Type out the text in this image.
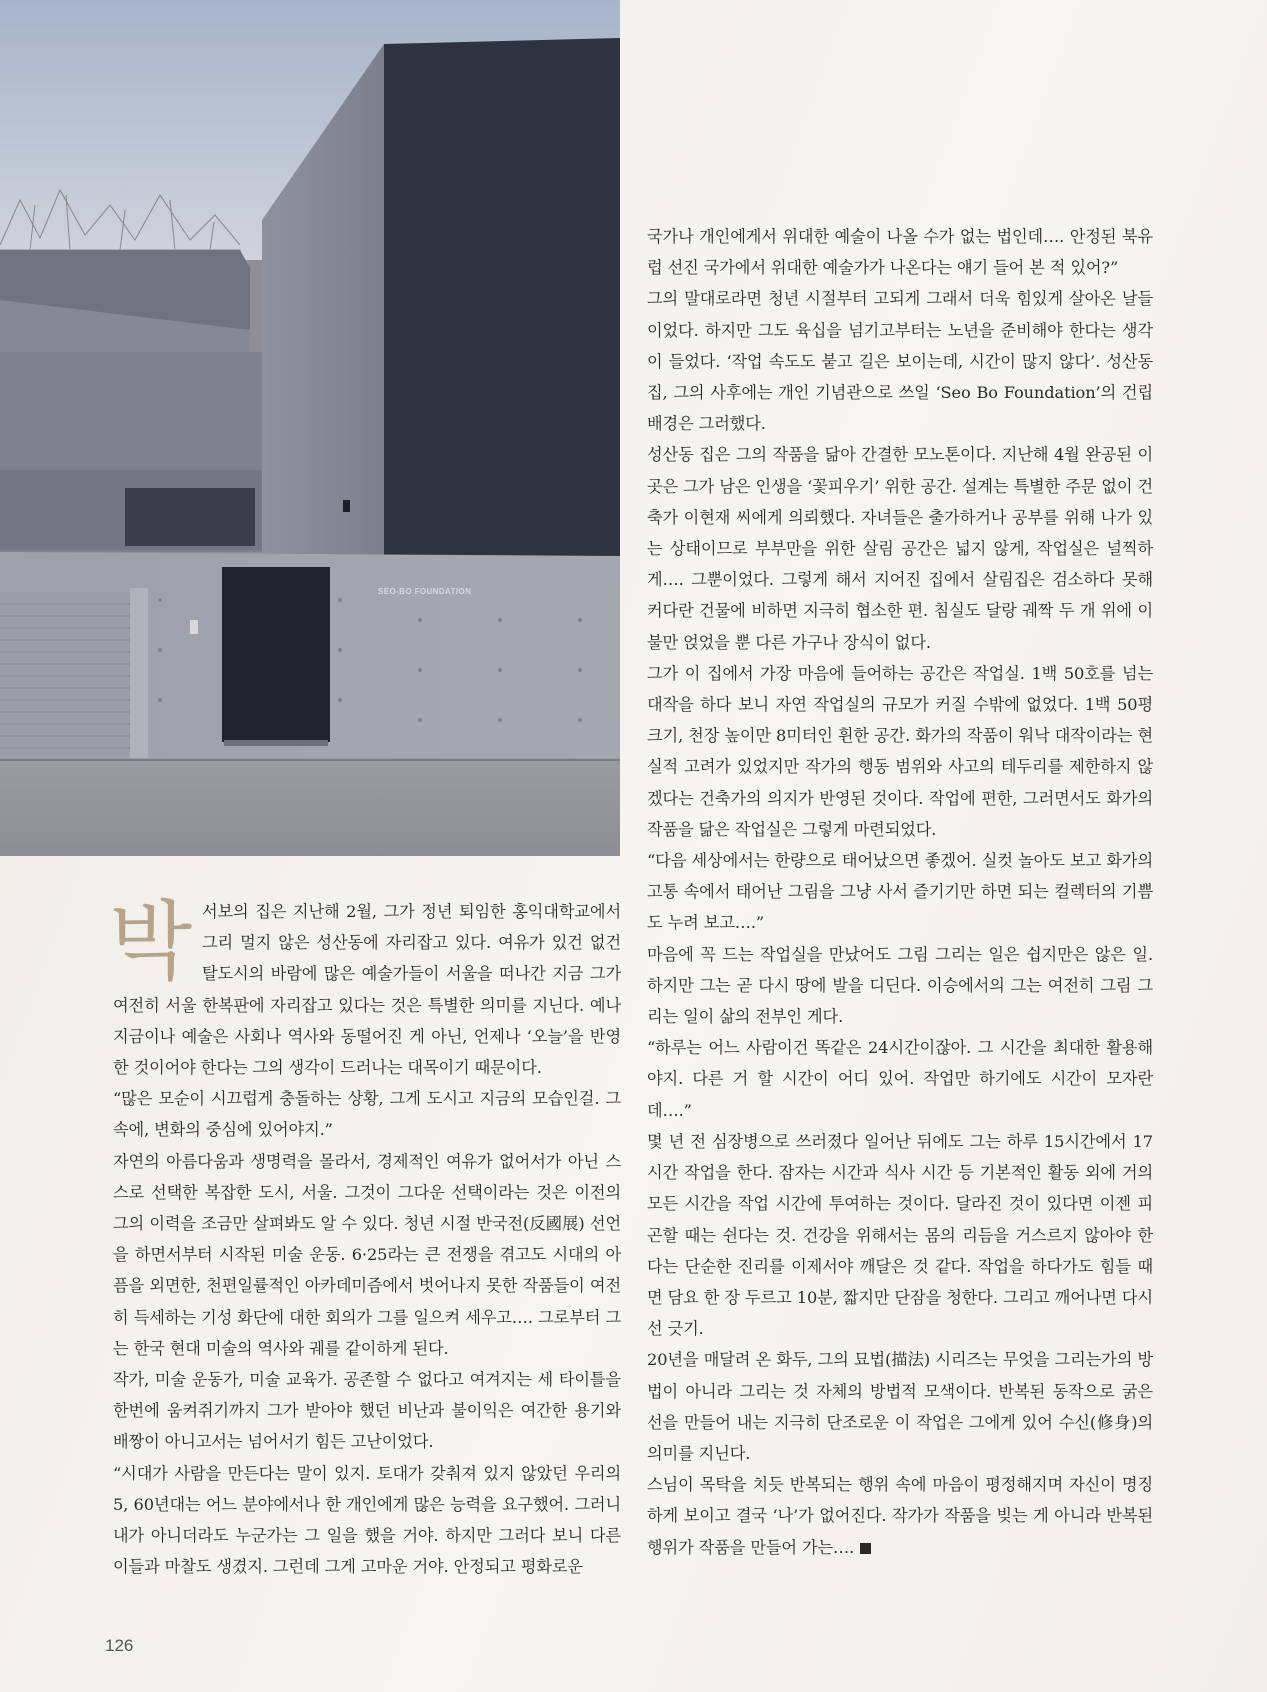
SEO-BO FOUNDATION

국가나 개인에게서 위대한 예술이 나올 수가 없는 법인데…. 안정된 북유럽 선진 국가에서 위대한 예술가가 나온다는 얘기 들어 본 적 있어?”

그의 말대로라면 청년 시절부터 고되게 그래서 더욱 힘있게 살아온 날들이었다. 하지만 그도 육십을 넘기고부터는 노년을 준비해야 한다는 생각이 들었다. ‘작업 속도도 붙고 길은 보이는데, 시간이 많지 않다’. 성산동 집, 그의 사후에는 개인 기념관으로 쓰일 ‘Seo Bo Foundation’의 건립 배경은 그러했다.

성산동 집은 그의 작품을 닮아 간결한 모노톤이다. 지난해 4월 완공된 이곳은 그가 남은 인생을 ‘꽃피우기’ 위한 공간. 설계는 특별한 주문 없이 건축가 이현재 씨에게 의뢰했다. 자녀들은 출가하거나 공부를 위해 나가 있는 상태이므로 부부만을 위한 살림 공간은 넓지 않게, 작업실은 널찍하게…. 그뿐이었다. 그렇게 해서 지어진 집에서 살림집은 검소하다 못해 커다란 건물에 비하면 지극히 협소한 편. 침실도 달랑 궤짝 두 개 위에 이불만 얹었을 뿐 다른 가구나 장식이 없다.

그가 이 집에서 가장 마음에 들어하는 공간은 작업실. 1백 50호를 넘는 대작을 하다 보니 자연 작업실의 규모가 커질 수밖에 없었다. 1백 50평 크기, 천장 높이만 8미터인 휜한 공간. 화가의 작품이 워낙 대작이라는 현실적 고려가 있었지만 작가의 행동 범위와 사고의 테두리를 제한하지 않겠다는 건축가의 의지가 반영된 것이다. 작업에 편한, 그러면서도 화가의 작품을 닮은 작업실은 그렇게 마련되었다.

“다음 세상에서는 한량으로 태어났으면 좋겠어. 실컷 놀아도 보고 화가의 고통 속에서 태어난 그림을 그냥 사서 즐기기만 하면 되는 컬렉터의 기쁨도 누려 보고….”

마음에 꼭 드는 작업실을 만났어도 그림 그리는 일은 쉽지만은 않은 일. 하지만 그는 곧 다시 땅에 발을 디딘다. 이승에서의 그는 여전히 그림 그리는 일이 삶의 전부인 게다.

“하루는 어느 사람이건 똑같은 24시간이잖아. 그 시간을 최대한 활용해야지. 다른 거 할 시간이 어디 있어. 작업만 하기에도 시간이 모자란데….”

몇 년 전 심장병으로 쓰러졌다 일어난 뒤에도 그는 하루 15시간에서 17시간 작업을 한다. 잠자는 시간과 식사 시간 등 기본적인 활동 외에 거의 모든 시간을 작업 시간에 투여하는 것이다. 달라진 것이 있다면 이젠 피곤할 때는 쉰다는 것. 건강을 위해서는 몸의 리듬을 거스르지 않아야 한다는 단순한 진리를 이제서야 깨달은 것 같다. 작업을 하다가도 힘들 때면 담요 한 장 두르고 10분, 짧지만 단잠을 청한다. 그리고 깨어나면 다시 선 긋기.

20년을 매달려 온 화두, 그의 묘법(描法) 시리즈는 무엇을 그리는가의 방법이 아니라 그리는 것 자체의 방법적 모색이다. 반복된 동작으로 굵은 선을 만들어 내는 지극히 단조로운 이 작업은 그에게 있어 수신(修身)의 의미를 지닌다.

스님이 목탁을 치듯 반복되는 행위 속에 마음이 평정해지며 자신이 명징하게 보이고 결국 ‘나’가 없어진다. 작가가 작품을 빚는 게 아니라 반복된 행위가 작품을 만들어 가는….

박서보의 집은 지난해 2월, 그가 정년 퇴임한 홍익대학교에서 그리 멀지 않은 성산동에 자리잡고 있다. 여유가 있건 없건 탈도시의 바람에 많은 예술가들이 서울을 떠나간 지금 그가 여전히 서울 한복판에 자리잡고 있다는 것은 특별한 의미를 지닌다. 예나 지금이나 예술은 사회나 역사와 동떨어진 게 아닌, 언제나 ‘오늘’을 반영한 것이어야 한다는 그의 생각이 드러나는 대목이기 때문이다.

“많은 모순이 시끄럽게 충돌하는 상황, 그게 도시고 지금의 모습인걸. 그 속에, 변화의 중심에 있어야지.”

자연의 아름다움과 생명력을 몰라서, 경제적인 여유가 없어서가 아닌 스스로 선택한 복잡한 도시, 서울. 그것이 그다운 선택이라는 것은 이전의 그의 이력을 조금만 살펴봐도 알 수 있다. 청년 시절 반국전(反國展) 선언을 하면서부터 시작된 미술 운동. 6·25라는 큰 전쟁을 겪고도 시대의 아픔을 외면한, 천편일률적인 아카데미즘에서 벗어나지 못한 작품들이 여전히 득세하는 기성 화단에 대한 회의가 그를 일으켜 세우고…. 그로부터 그는 한국 현대 미술의 역사와 궤를 같이하게 된다.

작가, 미술 운동가, 미술 교육가. 공존할 수 없다고 여겨지는 세 타이틀을 한번에 움켜쥐기까지 그가 받아야 했던 비난과 불이익은 여간한 용기와 배짱이 아니고서는 넘어서기 힘든 고난이었다.

“시대가 사람을 만든다는 말이 있지. 토대가 갖춰져 있지 않았던 우리의 5, 60년대는 어느 분야에서나 한 개인에게 많은 능력을 요구했어. 그러니 내가 아니더라도 누군가는 그 일을 했을 거야. 하지만 그러다 보니 다른 이들과 마찰도 생겼지. 그런데 그게 고마운 거야. 안정되고 평화로운

126
